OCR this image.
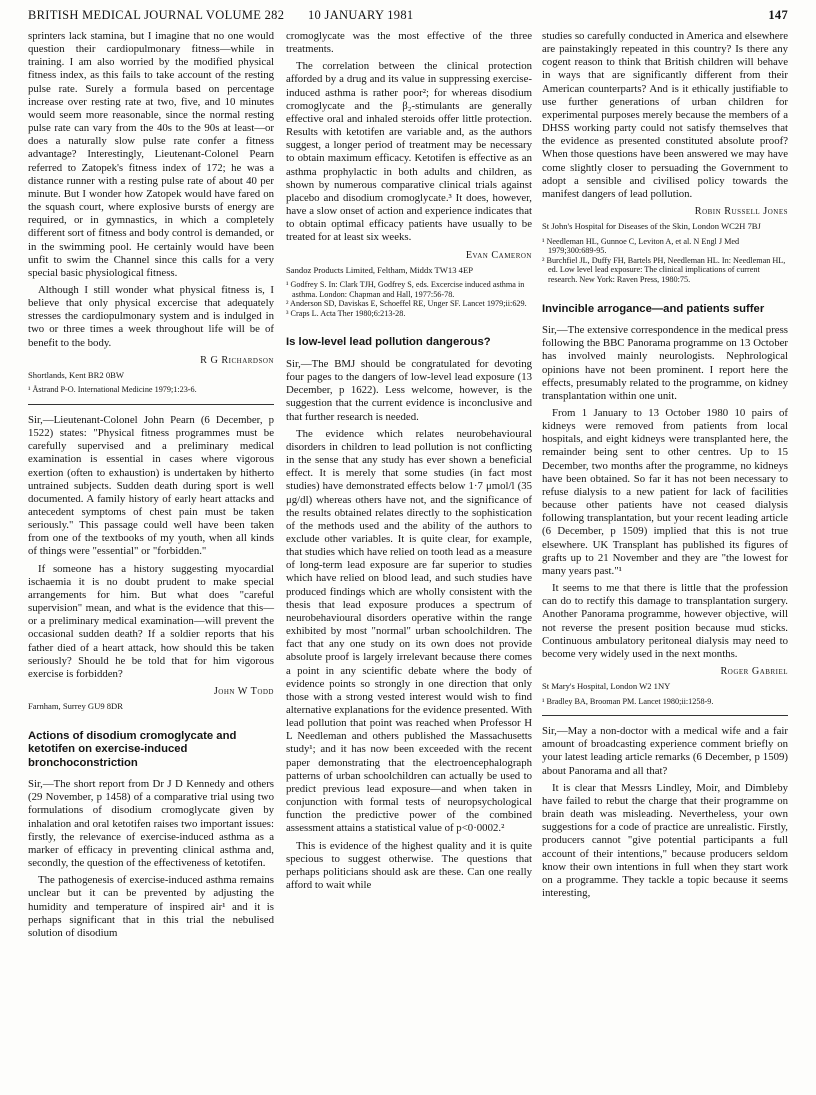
BRITISH MEDICAL JOURNAL VOLUME 282 10 JANUARY 1981	147

sprinters lack stamina, but I imagine that no one would question their cardiopulmonary fitness—while in training. I am also worried by the modified physical fitness index, as this fails to take account of the resting pulse rate. Surely a formula based on percentage increase over resting rate at two, five, and 10 minutes would seem more reasonable, since the normal resting pulse rate can vary from the 40s to the 90s at least—or does a naturally slow pulse rate confer a fitness advantage? Interestingly, Lieutenant-Colonel Pearn referred to Zatopek's fitness index of 172; he was a distance runner with a resting pulse rate of about 40 per minute. But I wonder how Zatopek would have fared on the squash court, where explosive bursts of energy are required, or in gymnastics, in which a completely different sort of fitness and body control is demanded, or in the swimming pool. He certainly would have been unfit to swim the Channel since this calls for a very special basic physiological fitness.

Although I still wonder what physical fitness is, I believe that only physical excercise that adequately stresses the cardiopulmonary system and is indulged in two or three times a week throughout life will be of benefit to the body.

R G Richardson
Shortlands, Kent BR2 0BW
¹ Åstrand P-O. International Medicine 1979;1:23-6.

Sir,—Lieutenant-Colonel John Pearn (6 December, p 1522) states: "Physical fitness programmes must be carefully supervised and a preliminary medical examination is essential in cases where vigorous exertion (often to exhaustion) is undertaken by hitherto untrained subjects. Sudden death during sport is well documented. A family history of early heart attacks and antecedent symptoms of chest pain must be taken seriously." This passage could well have been taken from one of the textbooks of my youth, when all kinds of things were "essential" or "forbidden."

If someone has a history suggesting myocardial ischaemia it is no doubt prudent to make special arrangements for him. But what does "careful supervision" mean, and what is the evidence that this—or a preliminary medical examination—will prevent the occasional sudden death? If a soldier reports that his father died of a heart attack, how should this be taken seriously? Should he be told that for him vigorous exercise is forbidden?

John W Todd
Farnham, Surrey GU9 8DR
Actions of disodium cromoglycate and ketotifen on exercise-induced bronchoconstriction

Sir,—The short report from Dr J D Kennedy and others (29 November, p 1458) of a comparative trial using two formulations of disodium cromoglycate given by inhalation and oral ketotifen raises two important issues: firstly, the relevance of exercise-induced asthma as a marker of efficacy in preventing clinical asthma and, secondly, the question of the effectiveness of ketotifen.

The pathogenesis of exercise-induced asthma remains unclear but it can be prevented by adjusting the humidity and temperature of inspired air¹ and it is perhaps significant that in this trial the nebulised solution of disodium

cromoglycate was the most effective of the three treatments.

The correlation between the clinical protection afforded by a drug and its value in suppressing exercise-induced asthma is rather poor²; for whereas disodium cromoglycate and the β₂-stimulants are generally effective oral and inhaled steroids offer little protection. Results with ketotifen are variable and, as the authors suggest, a longer period of treatment may be necessary to obtain maximum efficacy. Ketotifen is effective as an asthma prophylactic in both adults and children, as shown by numerous comparative clinical trials against placebo and disodium cromoglycate.³ It does, however, have a slow onset of action and experience indicates that to obtain optimal efficacy patients have usually to be treated for at least six weeks.

Evan Cameron
Sandoz Products Limited, Feltham, Middx TW13 4EP
¹ Godfrey S. In: Clark TJH, Godfrey S, eds. Excercise induced asthma in asthma. London: Chapman and Hall, 1977:56-78.
² Anderson SD, Daviskas E, Schoeffel RE, Unger SF. Lancet 1979;ii:629.
³ Craps L. Acta Ther 1980;6:213-28.
Is low-level lead pollution dangerous?

Sir,—The BMJ should be congratulated for devoting four pages to the dangers of low-level lead exposure (13 December, p 1622). Less welcome, however, is the suggestion that the current evidence is inconclusive and that further research is needed.

The evidence which relates neurobehavioural disorders in children to lead pollution is not conflicting in the sense that any study has ever shown a beneficial effect. It is merely that some studies (in fact most studies) have demonstrated effects below 1·7 μmol/l (35 μg/dl) whereas others have not, and the significance of the results obtained relates directly to the sophistication of the methods used and the ability of the authors to exclude other variables. It is quite clear, for example, that studies which have relied on tooth lead as a measure of long-term lead exposure are far superior to studies which have relied on blood lead, and such studies have produced findings which are wholly consistent with the thesis that lead exposure produces a spectrum of neurobehavioural disorders operative within the range exhibited by most "normal" urban schoolchildren. The fact that any one study on its own does not provide absolute proof is largely irrelevant because there comes a point in any scientific debate where the body of evidence points so strongly in one direction that only those with a strong vested interest would wish to find alternative explanations for the evidence presented. With lead pollution that point was reached when Professor H L Needleman and others published the Massachusetts study¹; and it has now been exceeded with the recent paper demonstrating that the electroencephalograph patterns of urban schoolchildren can actually be used to predict previous lead exposure—and when taken in conjunction with formal tests of neuropsychological function the predictive power of the combined assessment attains a statistical value of p<0·0002.²

This is evidence of the highest quality and it is quite specious to suggest otherwise. The questions that perhaps politicians should ask are these. Can one really afford to wait while

studies so carefully conducted in America and elsewhere are painstakingly repeated in this country? Is there any cogent reason to think that British children will behave in ways that are significantly different from their American counterparts? And is it ethically justifiable to use further generations of urban children for experimental purposes merely because the members of a DHSS working party could not satisfy themselves that the evidence as presented constituted absolute proof? When those questions have been answered we may have come slightly closer to persuading the Government to adopt a sensible and civilised policy towards the manifest dangers of lead pollution.

Robin Russell Jones
St John's Hospital for Diseases of the Skin, London WC2H 7BJ
¹ Needleman HL, Gunnoe C, Leviton A, et al. N Engl J Med 1979;300:689-95.
² Burchfiel JL, Duffy FH, Bartels PH, Needleman HL. In: Needleman HL, ed. Low level lead exposure: The clinical implications of current research. New York: Raven Press, 1980:75.
Invincible arrogance—and patients suffer

Sir,—The extensive correspondence in the medical press following the BBC Panorama programme on 13 October has involved mainly neurologists. Nephrological opinions have not been prominent. I report here the effects, presumably related to the programme, on kidney transplantation within one unit.

From 1 January to 13 October 1980 10 pairs of kidneys were removed from patients from local hospitals, and eight kidneys were transplanted here, the remainder being sent to other centres. Up to 15 December, two months after the programme, no kidneys have been obtained. So far it has not been necessary to refuse dialysis to a new patient for lack of facilities because other patients have not ceased dialysis following transplantation, but your recent leading article (6 December, p 1509) implied that this is not true elsewhere. UK Transplant has published its figures of grafts up to 21 November and they are "the lowest for many years past."¹

It seems to me that there is little that the profession can do to rectify this damage to transplantation surgery. Another Panorama programme, however objective, will not reverse the present position because mud sticks. Continuous ambulatory peritoneal dialysis may need to become very widely used in the next months.

Roger Gabriel
St Mary's Hospital, London W2 1NY
¹ Bradley BA, Brooman PM. Lancet 1980;ii:1258-9.

Sir,—May a non-doctor with a medical wife and a fair amount of broadcasting experience comment briefly on your latest leading article remarks (6 December, p 1509) about Panorama and all that?

It is clear that Messrs Lindley, Moir, and Dimbleby have failed to rebut the charge that their programme on brain death was misleading. Nevertheless, your own suggestions for a code of practice are unrealistic. Firstly, producers cannot "give potential participants a full account of their intentions," because producers seldom know their own intentions in full when they start work on a programme. They tackle a topic because it seems interesting,
